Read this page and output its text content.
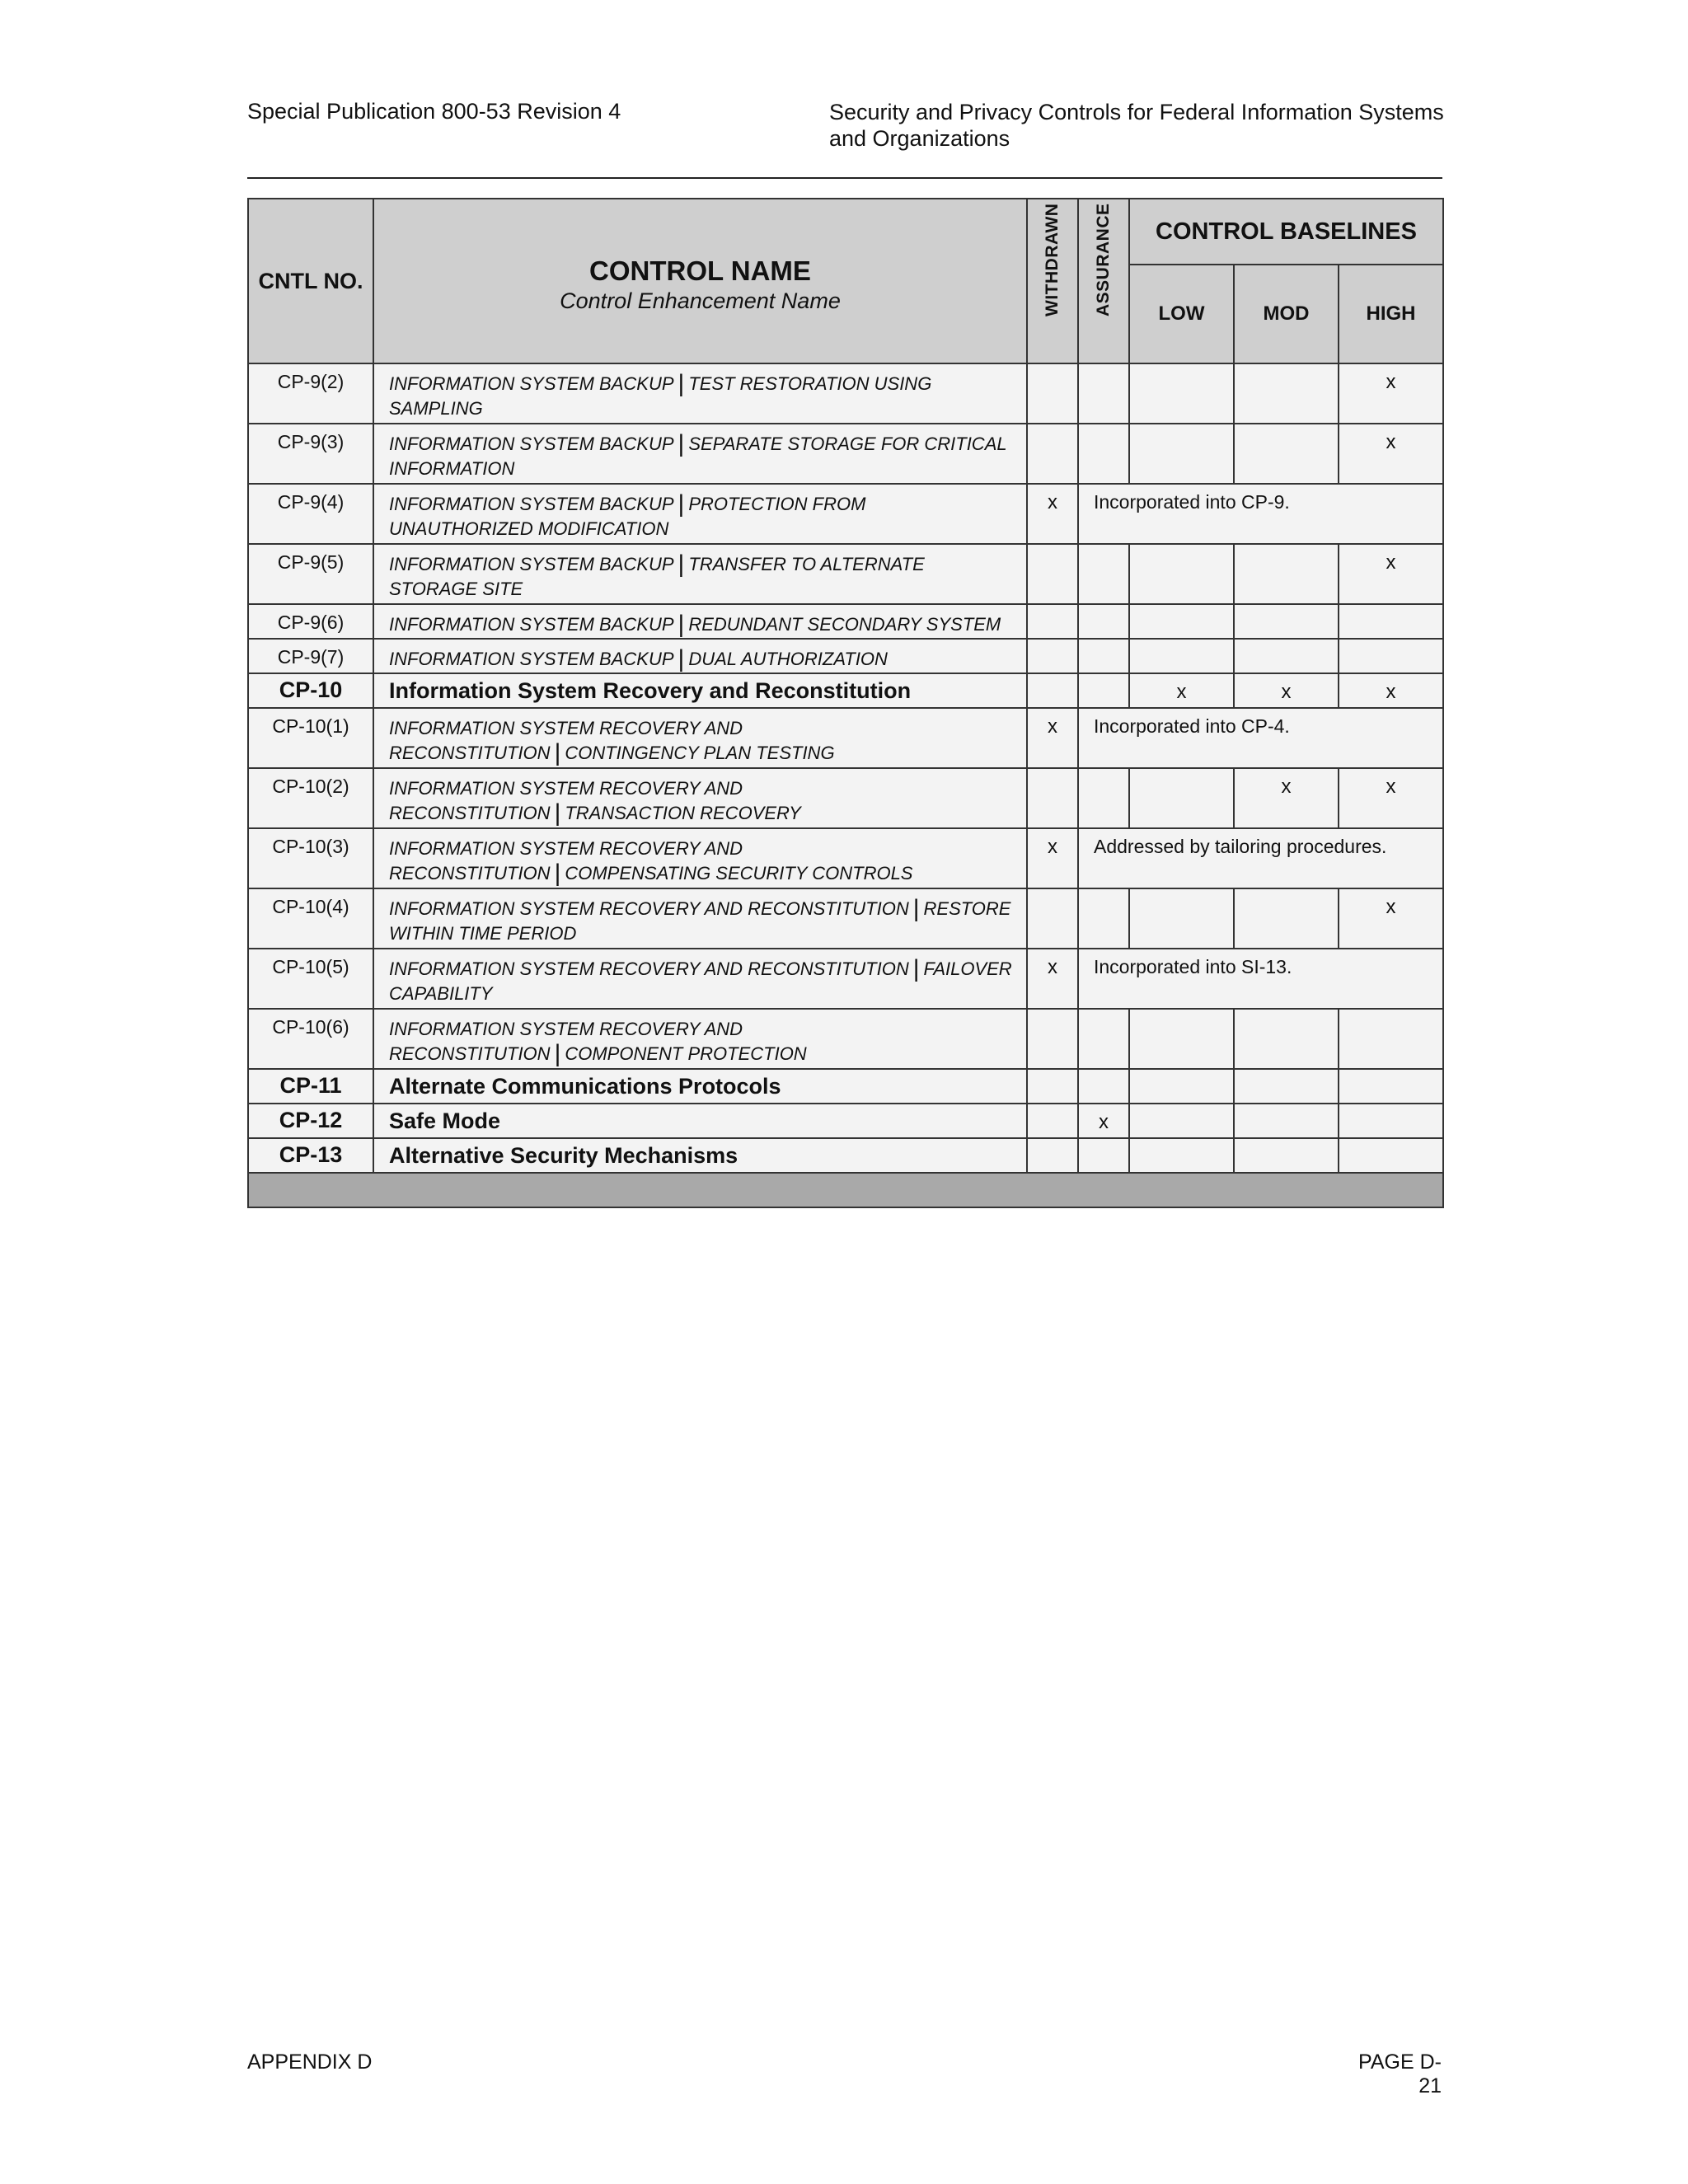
Special Publication 800-53 Revision 4	Security and Privacy Controls for Federal Information Systems and Organizations
CNTL NO.	CONTROL NAME
Control Enhancement Name	WITHDRAWN	ASSURANCE	CONTROL BASELINES		
				LOW	MOD	HIGH
CP-9(2)	INFORMATION SYSTEM BACKUP | TEST RESTORATION USING SAMPLING					x
CP-9(3)	INFORMATION SYSTEM BACKUP | SEPARATE STORAGE FOR CRITICAL INFORMATION					x
CP-9(4)	INFORMATION SYSTEM BACKUP | PROTECTION FROM UNAUTHORIZED MODIFICATION	x	Incorporated into CP-9.			
CP-9(5)	INFORMATION SYSTEM BACKUP | TRANSFER TO ALTERNATE STORAGE SITE					x
CP-9(6)	INFORMATION SYSTEM BACKUP | REDUNDANT SECONDARY SYSTEM					
CP-9(7)	INFORMATION SYSTEM BACKUP | DUAL AUTHORIZATION					
CP-10	Information System Recovery and Reconstitution			x	x	x
CP-10(1)	INFORMATION SYSTEM RECOVERY AND RECONSTITUTION | CONTINGENCY PLAN TESTING	x	Incorporated into CP-4.			
CP-10(2)	INFORMATION SYSTEM RECOVERY AND RECONSTITUTION | TRANSACTION RECOVERY				x	x
CP-10(3)	INFORMATION SYSTEM RECOVERY AND RECONSTITUTION | COMPENSATING SECURITY CONTROLS	x	Addressed by tailoring procedures.			
CP-10(4)	INFORMATION SYSTEM RECOVERY AND RECONSTITUTION | RESTORE WITHIN TIME PERIOD					x
CP-10(5)	INFORMATION SYSTEM RECOVERY AND RECONSTITUTION | FAILOVER CAPABILITY	x	Incorporated into SI-13.			
CP-10(6)	INFORMATION SYSTEM RECOVERY AND RECONSTITUTION | COMPONENT PROTECTION					
CP-11	Alternate Communications Protocols					
CP-12	Safe Mode		x			
CP-13	Alternative Security Mechanisms					

APPENDIX D	PAGE D-21
